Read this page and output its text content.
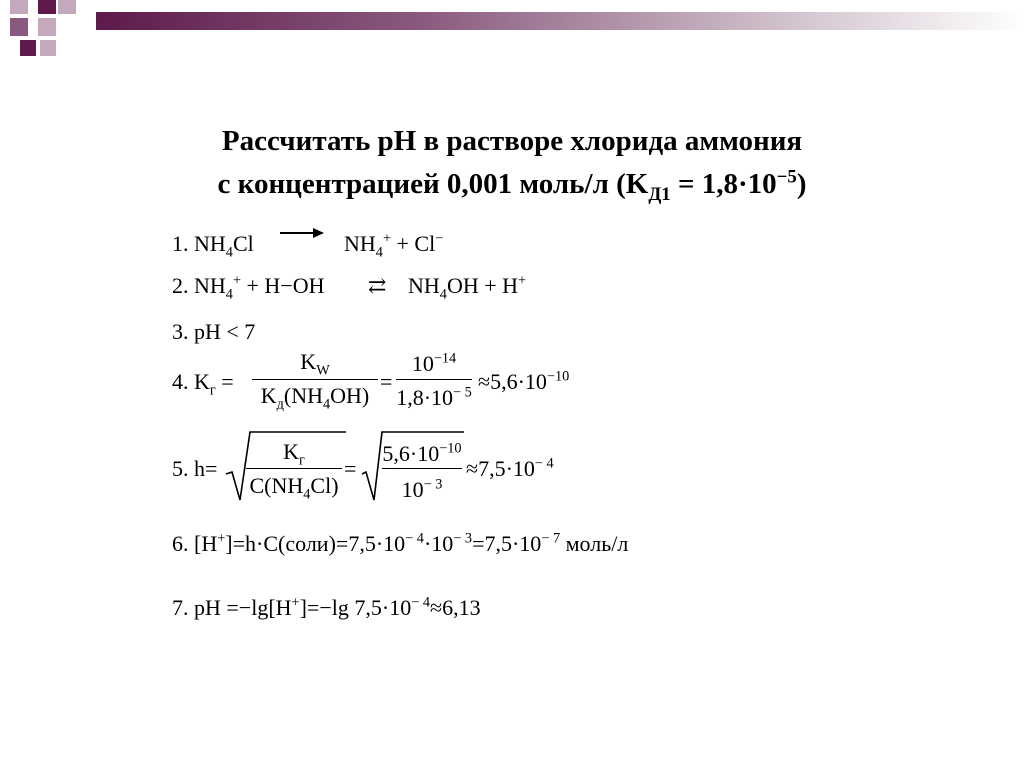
Рассчитать pH в растворе хлорида аммония
с концентрацией 0,001 моль/л $(K_{Д1} = 1,8\cdot 10^{-5})$
1. $NH_4Cl$	$NH_4^+ + Cl^-$
2. $NH_4^+ + H-OH$ ⇄ $NH_4OH + H^+$
3. pH < 7
4. $K_г$ =
$K_W$
$K_д(NH_4OH)$
=
$10^{-14}$
$1,8\cdot 10^{- 5} \approx 5,6\cdot 10^{-10}$
5. h=
$K_г$
$C(NH_4Cl)$
=
$5,6\cdot 10^{-10}$
$10^{- 3}$
$\approx 7,5\cdot 10^{- 4}$
6. $[H^+]=h\cdot C(соли)=7,5\cdot 10^{- 4}\cdot 10^{- 3}=7,5\cdot 10^{- 7}$ моль/л
7. pH =−lg[H+]=−lg $7,5\cdot 10^{- 4}\approx 6,13$
